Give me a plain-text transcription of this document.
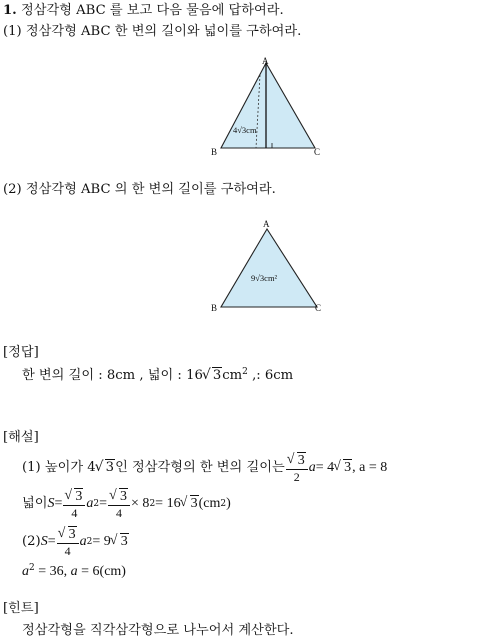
1. 정삼각형 ABC 를 보고 다음 물음에 답하여라.
(1) 정삼각형 ABC 한 변의 길이와 넓이를 구하여라.
A
B	C
4√3cm
(2) 정삼각형 ABC 의 한 변의 길이를 구하여라.
A
B	C
9√3cm²
[정답]
한 변의 길이 : 8cm , 넓이 : 16 √ $3cm^2$ ,: 6cm
[해설]
(1) 높이가 4 √ 3 인 정삼각형의 한 변의 길이는 √ $\frac{3}{2}$ a = 4 √ 3 , a = 8
넓이 S = √ $\frac{3}{4}$ a 2 = √ $\frac{3}{4} \times 8$ 2 = 16 √ 3 (cm 2 )
(2) S = √ $\frac{3}{4}$ a 2 = 9 √ 3
$a^2 = 36$, a = 6(cm)
[힌트]
정삼각형을 직각삼각형으로 나누어서 계산한다.
